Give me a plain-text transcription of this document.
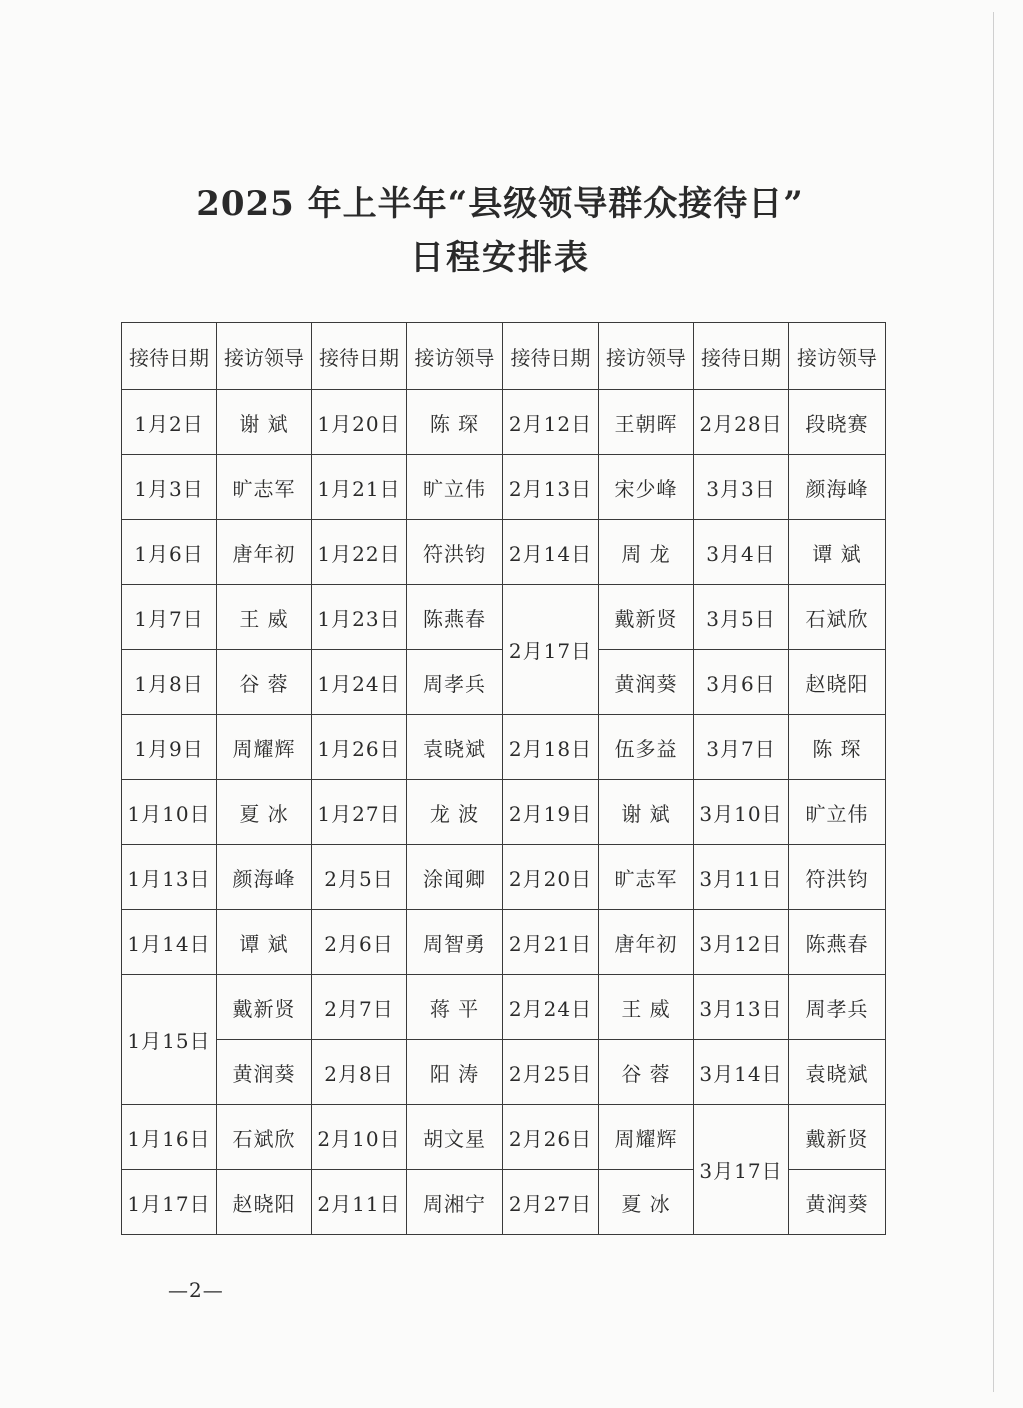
2025 年上半年“县级领导群众接待日”
日程安排表
接待日期	接访领导	接待日期	接访领导	接待日期	接访领导	接待日期	接访领导
1月2日	谢 斌	1月20日	陈 琛	2月12日	王朝晖	2月28日	段晓赛
1月3日	旷志军	1月21日	旷立伟	2月13日	宋少峰	3月3日	颜海峰
1月6日	唐年初	1月22日	符洪钧	2月14日	周 龙	3月4日	谭 斌
1月7日	王 威	1月23日	陈燕春	2月17日	戴新贤	3月5日	石斌欣
1月8日	谷 蓉	1月24日	周孝兵		黄润葵	3月6日	赵晓阳
1月9日	周耀辉	1月26日	袁晓斌	2月18日	伍多益	3月7日	陈 琛
1月10日	夏 冰	1月27日	龙 波	2月19日	谢 斌	3月10日	旷立伟
1月13日	颜海峰	2月5日	涂闻卿	2月20日	旷志军	3月11日	符洪钧
1月14日	谭 斌	2月6日	周智勇	2月21日	唐年初	3月12日	陈燕春
1月15日	戴新贤	2月7日	蒋 平	2月24日	王 威	3月13日	周孝兵
	黄润葵	2月8日	阳 涛	2月25日	谷 蓉	3月14日	袁晓斌
1月16日	石斌欣	2月10日	胡文星	2月26日	周耀辉	3月17日	戴新贤
1月17日	赵晓阳	2月11日	周湘宁	2月27日	夏 冰		黄润葵
—2—
